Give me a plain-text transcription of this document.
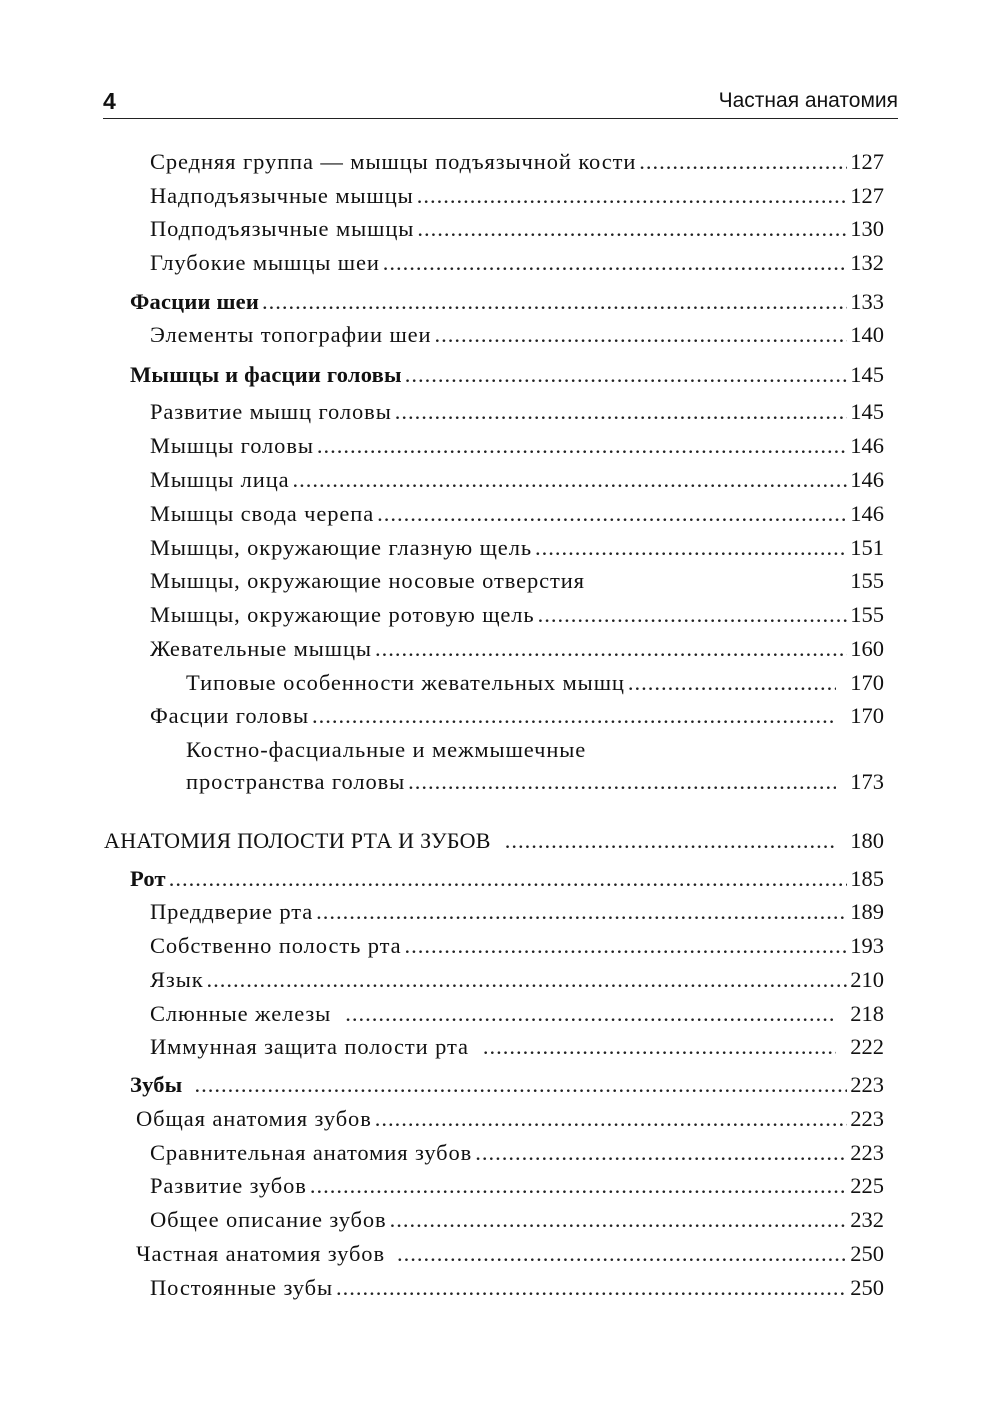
4	Частная анатомия
Средняя группа — мышцы подъязычной кости .....	127
Надподъязычные мышцы .....	127
Подподъязычные мышцы .....	130
Глубокие мышцы шеи .....	132
Фасции шеи .....	133
Элементы топографии шеи .....	140
Мышцы и фасции головы .....	145
Развитие мышц головы .....	145
Мышцы головы .....	146
Мышцы лица .....	146
Мышцы свода черепа .....	146
Мышцы, окружающие глазную щель .....	151
Мышцы, окружающие носовые отверстия	155
Мышцы, окружающие ротовую щель .....	155
Жевательные мышцы .....	160
Типовые особенности жевательных мышц .....	170
Фасции головы .....	170
Костно-фасциальные и межмышечные
пространства головы .....	173
АНАТОМИЯ ПОЛОСТИ РТА И ЗУБОВ .....	180
Рот .....	185
Преддверие рта .....	189
Собственно полость рта .....	193
Язык .....	210
Слюнные железы .....	218
Иммунная защита полости рта .....	222
Зубы .....	223
Общая анатомия зубов .....	223
Сравнительная анатомия зубов .....	223
Развитие зубов .....	225
Общее описание зубов .....	232
Частная анатомия зубов .....	250
Постоянные зубы .....	250
